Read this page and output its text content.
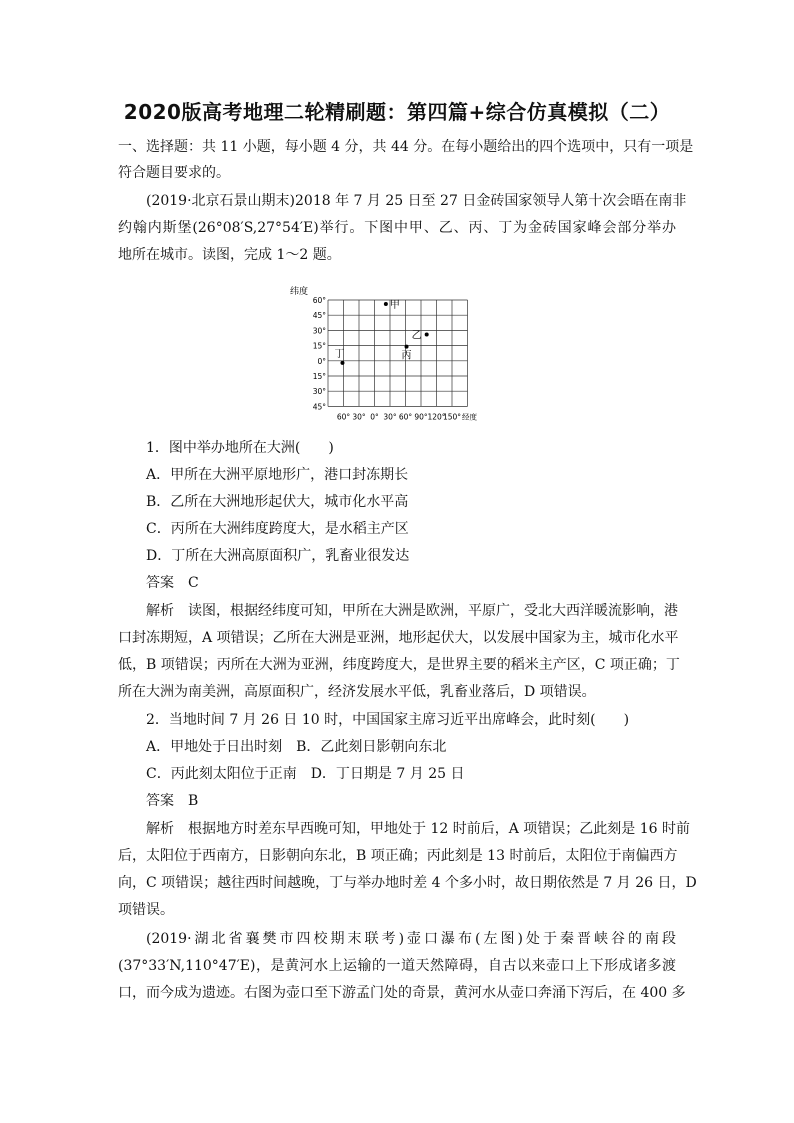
2020版高考地理二轮精刷题：第四篇+综合仿真模拟（二）
一、选择题：共 11 小题，每小题 4 分，共 44 分。在每小题给出的四个选项中，只有一项是
符合题目要求的。
(2019·北京石景山期末)2018 年 7 月 25 日至 27 日金砖国家领导人第十次会晤在南非
约翰内斯堡(26°08′S,27°54′E)举行。下图中甲、乙、丙、丁为金砖国家峰会部分举办
地所在城市。读图，完成 1～2 题。
纬度
60°
45°
30°
15°
0°
15°
30°
45°
60° 30° 0° 30° 60° 90° 120°
150° 经度
甲
乙
丙
丁
1．图中举办地所在大洲(　　)
A．甲所在大洲平原地形广，港口封冻期长
B．乙所在大洲地形起伏大，城市化水平高
C．丙所在大洲纬度跨度大，是水稻主产区
D．丁所在大洲高原面积广，乳畜业很发达
答案　C
解析　读图，根据经纬度可知，甲所在大洲是欧洲，平原广，受北大西洋暖流影响，港
口封冻期短，A 项错误；乙所在大洲是亚洲，地形起伏大，以发展中国家为主，城市化水平
低，B 项错误；丙所在大洲为亚洲，纬度跨度大，是世界主要的稻米主产区，C 项正确；丁
所在大洲为南美洲，高原面积广，经济发展水平低，乳畜业落后，D 项错误。
2．当地时间 7 月 26 日 10 时，中国国家主席习近平出席峰会，此时刻(　　)
A．甲地处于日出时刻　B．乙此刻日影朝向东北
C．丙此刻太阳位于正南　D．丁日期是 7 月 25 日
答案　B
解析　根据地方时差东早西晚可知，甲地处于 12 时前后，A 项错误；乙此刻是 16 时前
后，太阳位于西南方，日影朝向东北，B 项正确；丙此刻是 13 时前后，太阳位于南偏西方
向，C 项错误；越往西时间越晚，丁与举办地时差 4 个多小时，故日期依然是 7 月 26 日，D
项错误。
(2019·湖北省襄樊市四校期末联考)壶口瀑布(左图)处于秦晋峡谷的南段
(37°33′N,110°47′E)，是黄河水上运输的一道天然障碍，自古以来壶口上下形成诸多渡
口，而今成为遗迹。右图为壶口至下游孟门处的奇景，黄河水从壶口奔涌下泻后，在 400 多
